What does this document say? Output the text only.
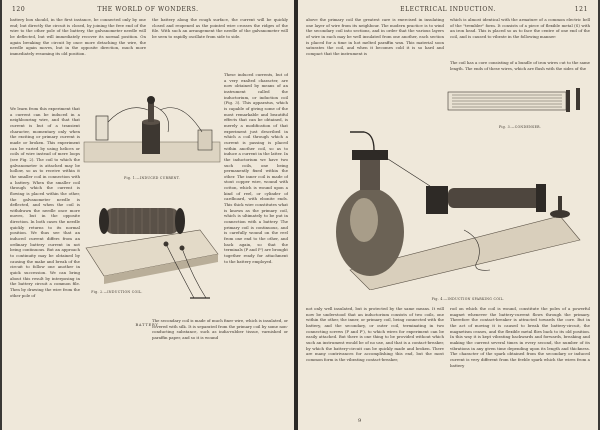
120	THE WORLD OF WONDERS.
battery box should, in the first instance, be connected only by one end; but directly the circuit is closed, by joining the free end of the wire to the other pole of the battery, the galvanometer needle will be deflected, but will immediately recover its normal position. On again breaking the circuit by once more detaching the wire, the needle again moves, but in the opposite direction, much more immediately resuming its old position.
Fig. 1.—INDUCED CURRENT.
We learn from this experiment that a current can be induced in a neighbouring wire, and that that current is but of a transient character, momentary only when the exciting or primary current is made or broken. This experiment can be varied by using helices or coils of wire instead of mere loops (see Fig. 2). The coil to which the galvanometer is attached may be hollow, so as to receive within it the smaller coil in connection with a battery. When the smaller coil through which the current is flowing is placed within the other, the galvanometer needle is deflected, and when the coil is withdrawn the needle once more moves, but in the opposite direction. In both cases the needle quickly returns to its normal position. We thus see that an induced current differs from an ordinary battery current in not being continuous. But an approach to continuity may be obtained by causing the make and break of the circuit to follow one another in quick succession. We can bring about this result by interposing in the battery circuit a common file. Then by drawing the wire from the other pole of
the battery along the rough surface, the current will be quickly closed and reopened as the pointed wire crosses the ridges of the file. With such an arrangement the needle of the galvanometer will be seen to rapidly oscillate from side to side.
These induced currents, but of a very exalted character, are now obtained by means of an instrument called the inductorium, or induction coil (Fig. 3). This apparatus, which is capable of giving some of the most remarkable and beautiful effects that can be obtained, is merely a modification of that experiment just described in which a coil through which a current is passing is placed within another coil, so as to induce a current in the latter. In the inductorium we have two such coils, one being permanently fixed within the other. The inner coil is made of stout copper wire, wound with cotton, which is wound upon a kind of reel, or cylinder of cardboard, with ebonite ends. This thick wire constitutes what is known as the primary coil, which is ultimately to be put in connection with a battery. The primary coil is continuous, and is carefully wound on the reel from one end to the other, and back again, so that the terminals (P and P') are brought together ready for attachment to the battery employed.
BATTERY
Fig. 2.—INDUCTION COIL.
The secondary coil is made of much finer wire, which is insulated, or covered with silk. It is separated from the primary coil by some non-conducting substance, such as india-rubber tissue, varnished or paraffin paper, and so it is wound
ELECTRICAL INDUCTION.	121
above the primary coil the greatest care is exercised in insulating one layer of wire from its neighbour. The modern practice is to wind the secondary coil into sections, and in order that the various layers of wire in each may be well insulated from one another, each section is placed for a time in hot melted paraffin wax. This material soon saturates the coil, and when it becomes cold it is so hard and compact that the instrument is
which is almost identical with the armature of a common electric bell of the "trembler" form. It consists of a piece of flexible metal (S) with an iron head. This is placed so as to face the centre of one end of the coil, and is caused to vibrate in the following manner:
Fig. 3.—CONDENSER.
Fig. 4.—INDUCTION SPARKING COIL.
not only well insulated, but is protected by the same means. It will now be understood that an inductorium consists of two coils, one within the other, the inner, or primary coil, being connected with the battery, and the secondary, or outer coil, terminating in two connecting screws (P and P'), to which wires for experiment can be easily attached. But there is one thing to be provided without which such an instrument would be of no use, and that is a contact-breaker, by which the battery-circuit can be quickly made and broken. There are many contrivances for accomplishing this end, but the most common form is the vibrating contact-breaker,
rod on which the coil is wound, constitute the poles of a powerful magnet whenever the battery-current flows through the primary. Therefore the contact-breaker is attracted towards the core. But in the act of moving it is caused to break the battery-circuit, the magnetism ceases, and the flexible metal flies back to its old position. In this way it is kept vibrating backwards and forwards, breaking and making the current several times in every second, the number of its vibrations in any given time depending upon its length and thickness. The character of the spark obtained from the secondary or induced current is very different from the feeble spark which the wires from a battery
9
The coil has a core consisting of a bundle of iron wires cut to the same length. The ends of these wires, which are flush with the sides of the
